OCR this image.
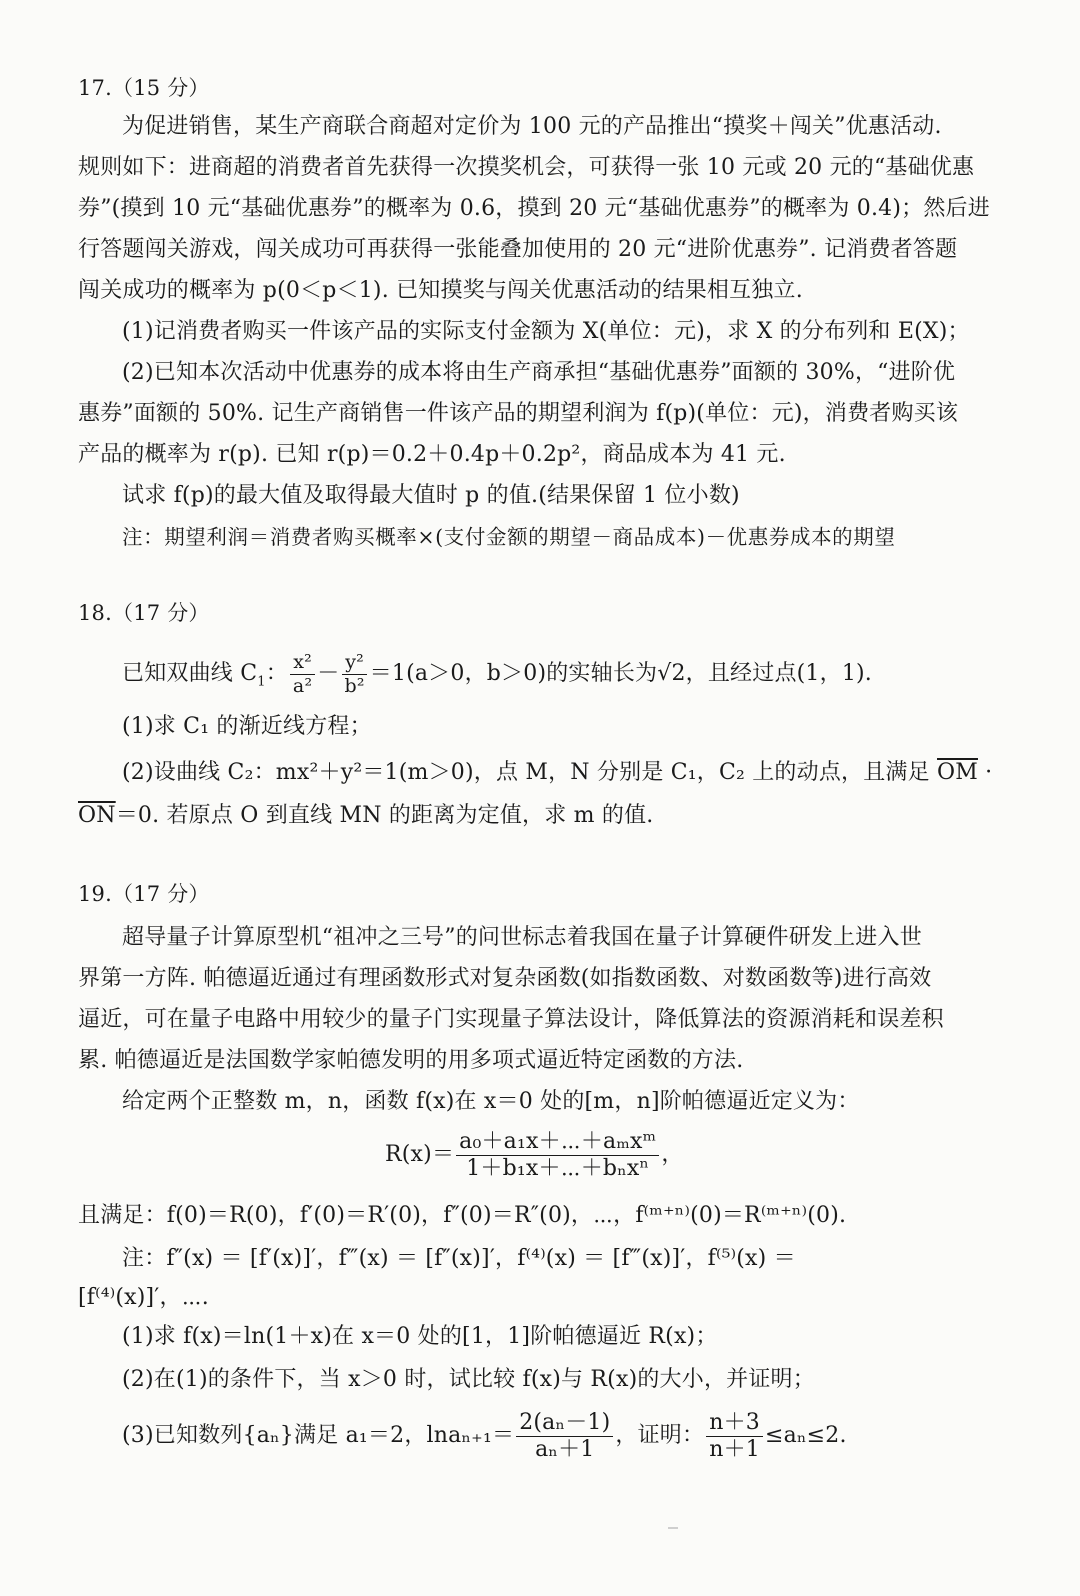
17.（15 分）
为促进销售，某生产商联合商超对定价为 100 元的产品推出“摸奖＋闯关”优惠活动.
规则如下：进商超的消费者首先获得一次摸奖机会，可获得一张 10 元或 20 元的“基础优惠
券”(摸到 10 元“基础优惠券”的概率为 0.6，摸到 20 元“基础优惠券”的概率为 0.4)；然后进
行答题闯关游戏，闯关成功可再获得一张能叠加使用的 20 元“进阶优惠券”. 记消费者答题
闯关成功的概率为 p(0＜p＜1). 已知摸奖与闯关优惠活动的结果相互独立.
(1)记消费者购买一件该产品的实际支付金额为 X(单位：元)，求 X 的分布列和 E(X)；
(2)已知本次活动中优惠券的成本将由生产商承担“基础优惠券”面额的 30%，“进阶优
惠券”面额的 50%. 记生产商销售一件该产品的期望利润为 f(p)(单位：元)，消费者购买该
产品的概率为 r(p). 已知 r(p)＝0.2＋0.4p＋0.2p²，商品成本为 41 元.
试求 f(p)的最大值及取得最大值时 p 的值.(结果保留 1 位小数)
注：期望利润＝消费者购买概率×(支付金额的期望－商品成本)－优惠券成本的期望
18.（17 分）
已知双曲线 $C_1$： $\frac{\text{x²}}{\text{a²}} - \frac{\text{y²}}{\text{b²}} =1(a>0$，b＞0)的实轴长为√2，且经过点(1，1).
(1)求 C₁ 的渐近线方程；
(2)设曲线 C₂：mx²＋y²＝1(m＞0)，点 M，N 分别是 C₁，C₂ 上的动点，且满足 $\overline{OM}$ ·
$\overline{ON}=0$. 若原点 O 到直线 MN 的距离为定值，求 m 的值.
19.（17 分）
超导量子计算原型机“祖冲之三号”的问世标志着我国在量子计算硬件研发上进入世
界第一方阵. 帕德逼近通过有理函数形式对复杂函数(如指数函数、对数函数等)进行高效
逼近，可在量子电路中用较少的量子门实现量子算法设计，降低算法的资源消耗和误差积
累. 帕德逼近是法国数学家帕德发明的用多项式逼近特定函数的方法.
给定两个正整数 m，n，函数 f(x)在 x＝0 处的[m，n]阶帕德逼近定义为：
$R(x)= \frac{\text{a₀＋a₁x＋⋯＋aₘxᵐ}}{\text{1＋b₁x＋⋯＋bₙxⁿ}}$ ，
且满足：f(0)＝R(0)，f′(0)＝R′(0)，f″(0)＝R″(0)，⋯，f⁽ᵐ⁺ⁿ⁾(0)＝R⁽ᵐ⁺ⁿ⁾(0).
注：f″(x) ＝ [f′(x)]′，f‴(x) ＝ [f″(x)]′，f⁽⁴⁾(x) ＝ [f‴(x)]′，f⁽⁵⁾(x) ＝
[f⁽⁴⁾(x)]′，⋯.
(1)求 f(x)＝ln(1＋x)在 x＝0 处的[1，1]阶帕德逼近 R(x)；
(2)在(1)的条件下，当 x＞0 时，试比较 f(x)与 R(x)的大小，并证明；
(3)已知数列{aₙ}满足 a₁＝2，$\ln a_{n+1}= \frac{\text{2(aₙ－1)}}{\text{aₙ＋1}}$ ，证明： $\frac{n+3}{n+1} \le a_n\le 2$.
